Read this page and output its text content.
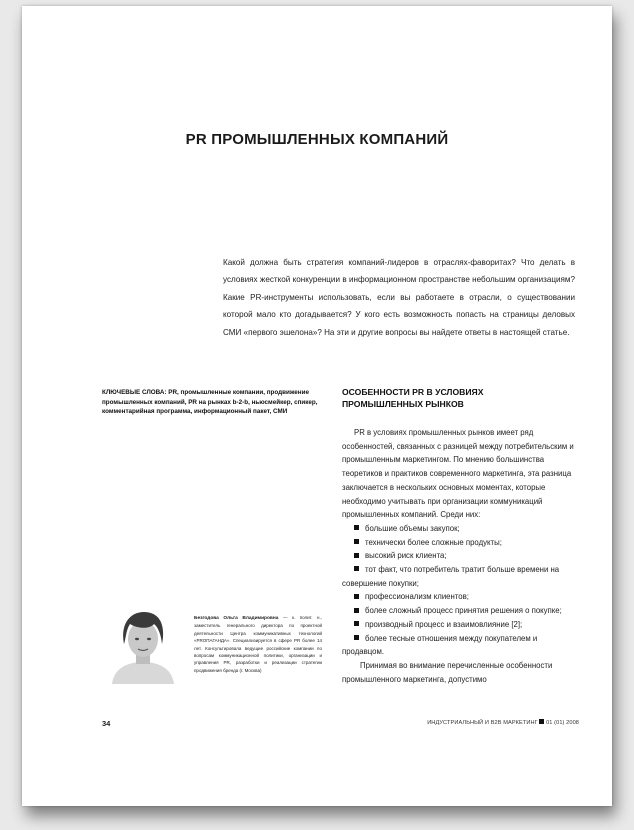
PR ПРОМЫШЛЕННЫХ КОМПАНИЙ
Какой должна быть стратегия компаний-лидеров в отраслях-фаворитах? Что делать в условиях жесткой конкуренции в информационном пространстве небольшим организациям? Какие PR-инструменты использовать, если вы работаете в отрасли, о существовании которой мало кто догадывается? У кого есть возможность попасть на страницы деловых СМИ «первого эшелона»? На эти и другие вопросы вы найдете ответы в настоящей статье.
КЛЮЧЕВЫЕ СЛОВА: PR, промышленные компании, продвижение промышленных компаний, PR на рынках b-2-b, ньюсмейкер, спикер, комментарийная программа, информационный пакет, СМИ
ОСОБЕННОСТИ PR В УСЛОВИЯХ ПРОМЫШЛЕННЫХ РЫНКОВ

PR в условиях промышленных рынков имеет ряд особенностей, связанных с разницей между потребительским и промышленным маркетингом. По мнению большинства теоретиков и практиков современного маркетинга, эта разница заключается в нескольких основных моментах, которые необходимо учитывать при организации коммуникаций промышленных компаний. Среди них:

большие объемы закупок;

технически более сложные продукты;

высокий риск клиента;

тот факт, что потребитель тратит больше времени на совершение покупки;

профессионализм клиентов;

более сложный процесс принятия решения о покупке;

производный процесс и взаимовлияние [2];

более тесные отношения между покупателем и продавцом.

Принимая во внимание перечисленные особенности промышленного маркетинга, допустимо

Безгодова Ольга Владимировна — к. полит. н., заместитель генерального директора по проектной деятельности Центра коммуникативных технологий «PROПАГАНДА». Специализируется в сфере PR более 14 лет. Консультировала ведущие российские компании по вопросам коммуникационной политики, организации и управления PR, разработки и реализации стратегии продвижения бренда (г. Москва)
34	ИНДУСТРИАЛЬНЫЙ И B2B МАРКЕТИНГ 01 (01) 2008
